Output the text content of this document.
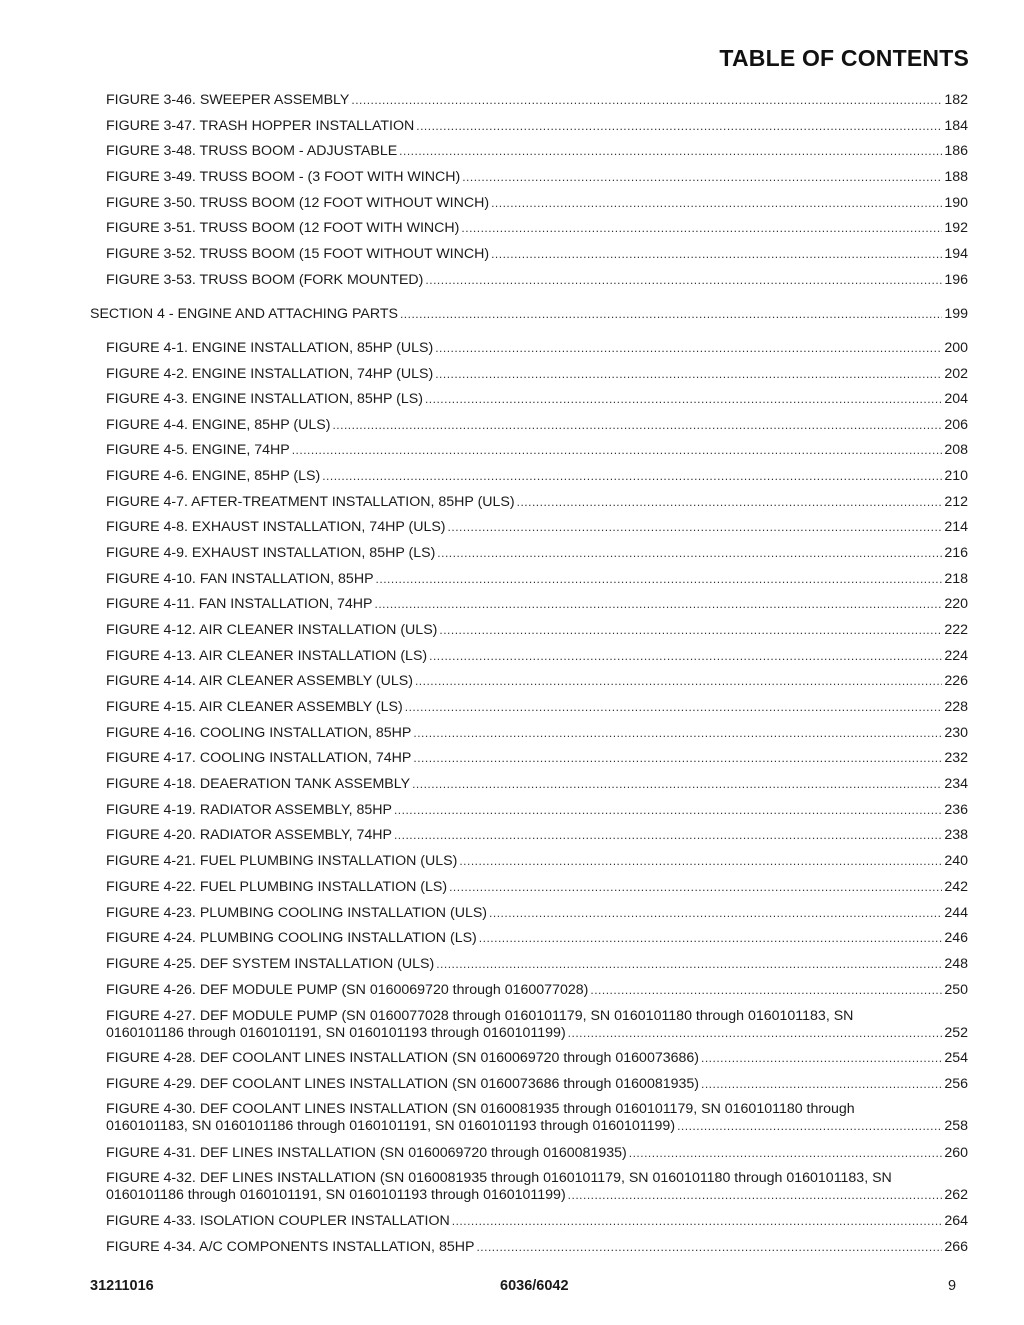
TABLE OF CONTENTS
FIGURE 3-46. SWEEPER ASSEMBLY .....	182
FIGURE 3-47. TRASH HOPPER INSTALLATION .....	184
FIGURE 3-48. TRUSS BOOM - ADJUSTABLE .....	186
FIGURE 3-49. TRUSS BOOM - (3 FOOT WITH WINCH) .....	188
FIGURE 3-50. TRUSS BOOM (12 FOOT WITHOUT WINCH) .....	190
FIGURE 3-51. TRUSS BOOM (12 FOOT WITH WINCH) .....	192
FIGURE 3-52. TRUSS BOOM (15 FOOT WITHOUT WINCH) .....	194
FIGURE 3-53. TRUSS BOOM (FORK MOUNTED) .....	196
SECTION 4 - ENGINE AND ATTACHING PARTS .....	199
FIGURE 4-1. ENGINE INSTALLATION, 85HP (ULS) .....	200
FIGURE 4-2. ENGINE INSTALLATION, 74HP (ULS) .....	202
FIGURE 4-3. ENGINE INSTALLATION, 85HP (LS) .....	204
FIGURE 4-4. ENGINE, 85HP (ULS) .....	206
FIGURE 4-5. ENGINE, 74HP .....	208
FIGURE 4-6. ENGINE, 85HP (LS) .....	210
FIGURE 4-7. AFTER-TREATMENT INSTALLATION, 85HP (ULS) .....	212
FIGURE 4-8. EXHAUST INSTALLATION, 74HP (ULS) .....	214
FIGURE 4-9. EXHAUST INSTALLATION, 85HP (LS) .....	216
FIGURE 4-10. FAN INSTALLATION, 85HP .....	218
FIGURE 4-11. FAN INSTALLATION, 74HP .....	220
FIGURE 4-12. AIR CLEANER INSTALLATION (ULS) .....	222
FIGURE 4-13. AIR CLEANER INSTALLATION (LS) .....	224
FIGURE 4-14. AIR CLEANER ASSEMBLY (ULS) .....	226
FIGURE 4-15. AIR CLEANER ASSEMBLY (LS) .....	228
FIGURE 4-16. COOLING INSTALLATION, 85HP .....	230
FIGURE 4-17. COOLING INSTALLATION, 74HP .....	232
FIGURE 4-18. DEAERATION TANK ASSEMBLY .....	234
FIGURE 4-19. RADIATOR ASSEMBLY, 85HP .....	236
FIGURE 4-20. RADIATOR ASSEMBLY, 74HP .....	238
FIGURE 4-21. FUEL PLUMBING INSTALLATION (ULS) .....	240
FIGURE 4-22. FUEL PLUMBING INSTALLATION (LS) .....	242
FIGURE 4-23. PLUMBING COOLING INSTALLATION (ULS) .....	244
FIGURE 4-24. PLUMBING COOLING INSTALLATION (LS) .....	246
FIGURE 4-25. DEF SYSTEM INSTALLATION (ULS) .....	248
FIGURE 4-26. DEF MODULE PUMP (SN 0160069720 through 0160077028) .....	250
FIGURE 4-27. DEF MODULE PUMP (SN 0160077028 through 0160101179, SN 0160101180 through 0160101183, SN
0160101186 through 0160101191, SN 0160101193 through 0160101199) .....	252
FIGURE 4-28. DEF COOLANT LINES INSTALLATION (SN 0160069720 through 0160073686) .....	254
FIGURE 4-29. DEF COOLANT LINES INSTALLATION (SN 0160073686 through 0160081935) .....	256
FIGURE 4-30. DEF COOLANT LINES INSTALLATION (SN 0160081935 through 0160101179, SN 0160101180 through
0160101183, SN 0160101186 through 0160101191, SN 0160101193 through 0160101199) .....	258
FIGURE 4-31. DEF LINES INSTALLATION (SN 0160069720 through 0160081935) .....	260
FIGURE 4-32. DEF LINES INSTALLATION (SN 0160081935 through 0160101179, SN 0160101180 through 0160101183, SN
0160101186 through 0160101191, SN 0160101193 through 0160101199) .....	262
FIGURE 4-33. ISOLATION COUPLER INSTALLATION .....	264
FIGURE 4-34. A/C COMPONENTS INSTALLATION, 85HP .....	266
31211016	6036/6042	9
